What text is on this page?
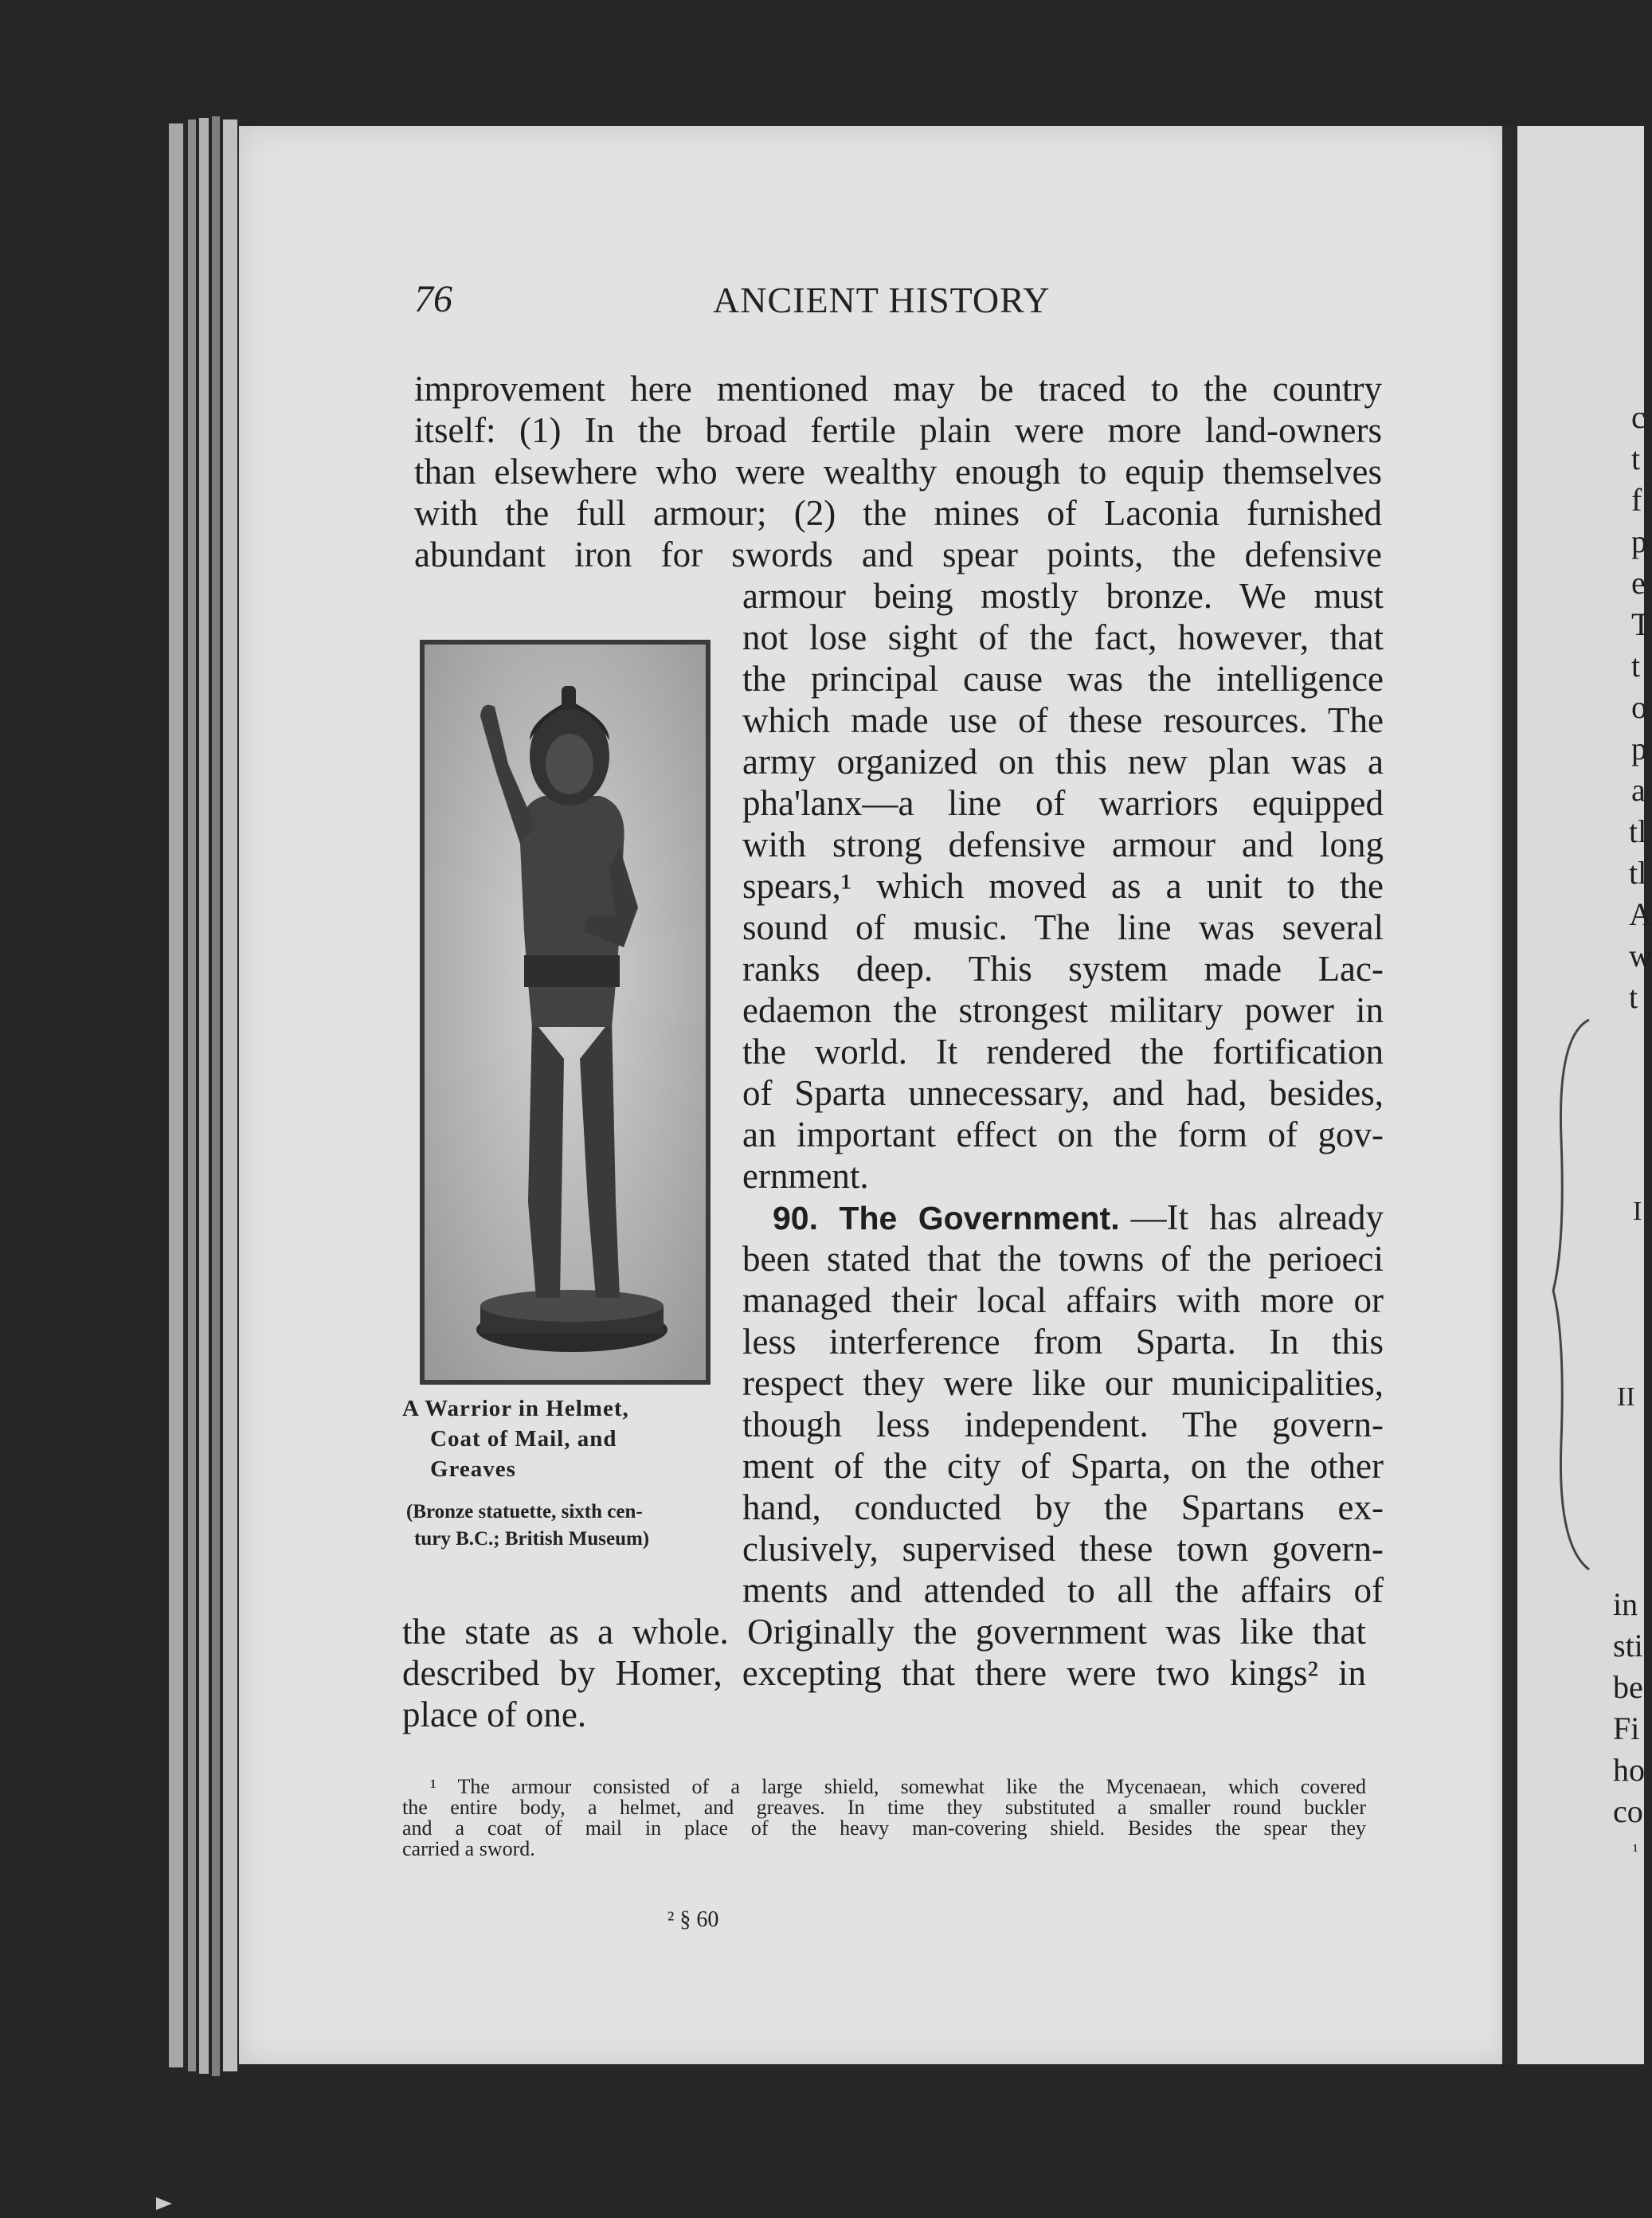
76	ANCIENT HISTORY
improvement here mentioned may be traced to the country
itself: (1) In the broad fertile plain were more land-owners
than elsewhere who were wealthy enough to equip themselves
with the full armour; (2) the mines of Laconia furnished
abundant iron for swords and spear points, the defensive
armour being mostly bronze. We must
not lose sight of the fact, however, that
the principal cause was the intelligence
which made use of these resources. The
army organized on this new plan was a
pha'lanx—a line of warriors equipped
with strong defensive armour and long
spears,¹ which moved as a unit to the
sound of music. The line was several
ranks deep. This system made Lac-
edaemon the strongest military power in
the world. It rendered the fortification
of Sparta unnecessary, and had, besides,
an important effect on the form of gov-
ernment.
90. The Government. —It has already
been stated that the towns of the perioeci
managed their local affairs with more or
less interference from Sparta. In this
respect they were like our municipalities,
though less independent. The govern-
ment of the city of Sparta, on the other
hand, conducted by the Spartans ex-
clusively, supervised these town govern-
ments and attended to all the affairs of
the state as a whole. Originally the government was like that
described by Homer, excepting that there were two kings² in
place of one.
A Warrior in Helmet,
Coat of Mail, and
Greaves
(Bronze statuette, sixth cen-
tury B.C.; British Museum)
¹ The armour consisted of a large shield, somewhat like the Mycenaean, which covered
the entire body, a helmet, and greaves. In time they substituted a smaller round buckler
and a coat of mail in place of the heavy man-covering shield. Besides the spear they
carried a sword.
² § 60
c
t
f
p
e
T
t
o
p
a
tl
tl
A
w
t
I
II
in
sti
be
Fi
ho
co
¹
